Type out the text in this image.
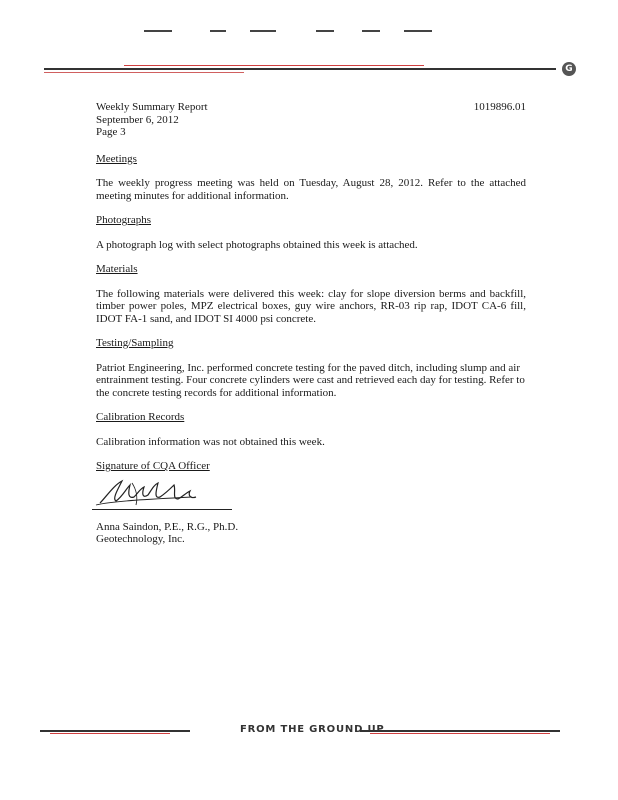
G
Weekly Summary Report
September 6, 2012
Page 3
1019896.01
Meetings
The weekly progress meeting was held on Tuesday, August 28, 2012. Refer to the attached meeting minutes for additional information.
Photographs
A photograph log with select photographs obtained this week is attached.
Materials
The following materials were delivered this week: clay for slope diversion berms and backfill, timber power poles, MPZ electrical boxes, guy wire anchors, RR-03 rip rap, IDOT CA-6 fill, IDOT FA-1 sand, and IDOT SI 4000 psi concrete.
Testing/Sampling
Patriot Engineering, Inc. performed concrete testing for the paved ditch, including slump and air entrainment testing. Four concrete cylinders were cast and retrieved each day for testing. Refer to the concrete testing records for additional information.
Calibration Records
Calibration information was not obtained this week.
Signature of CQA Officer
Anna Saindon, P.E., R.G., Ph.D.
Geotechnology, Inc.
FROM THE GROUND UP
